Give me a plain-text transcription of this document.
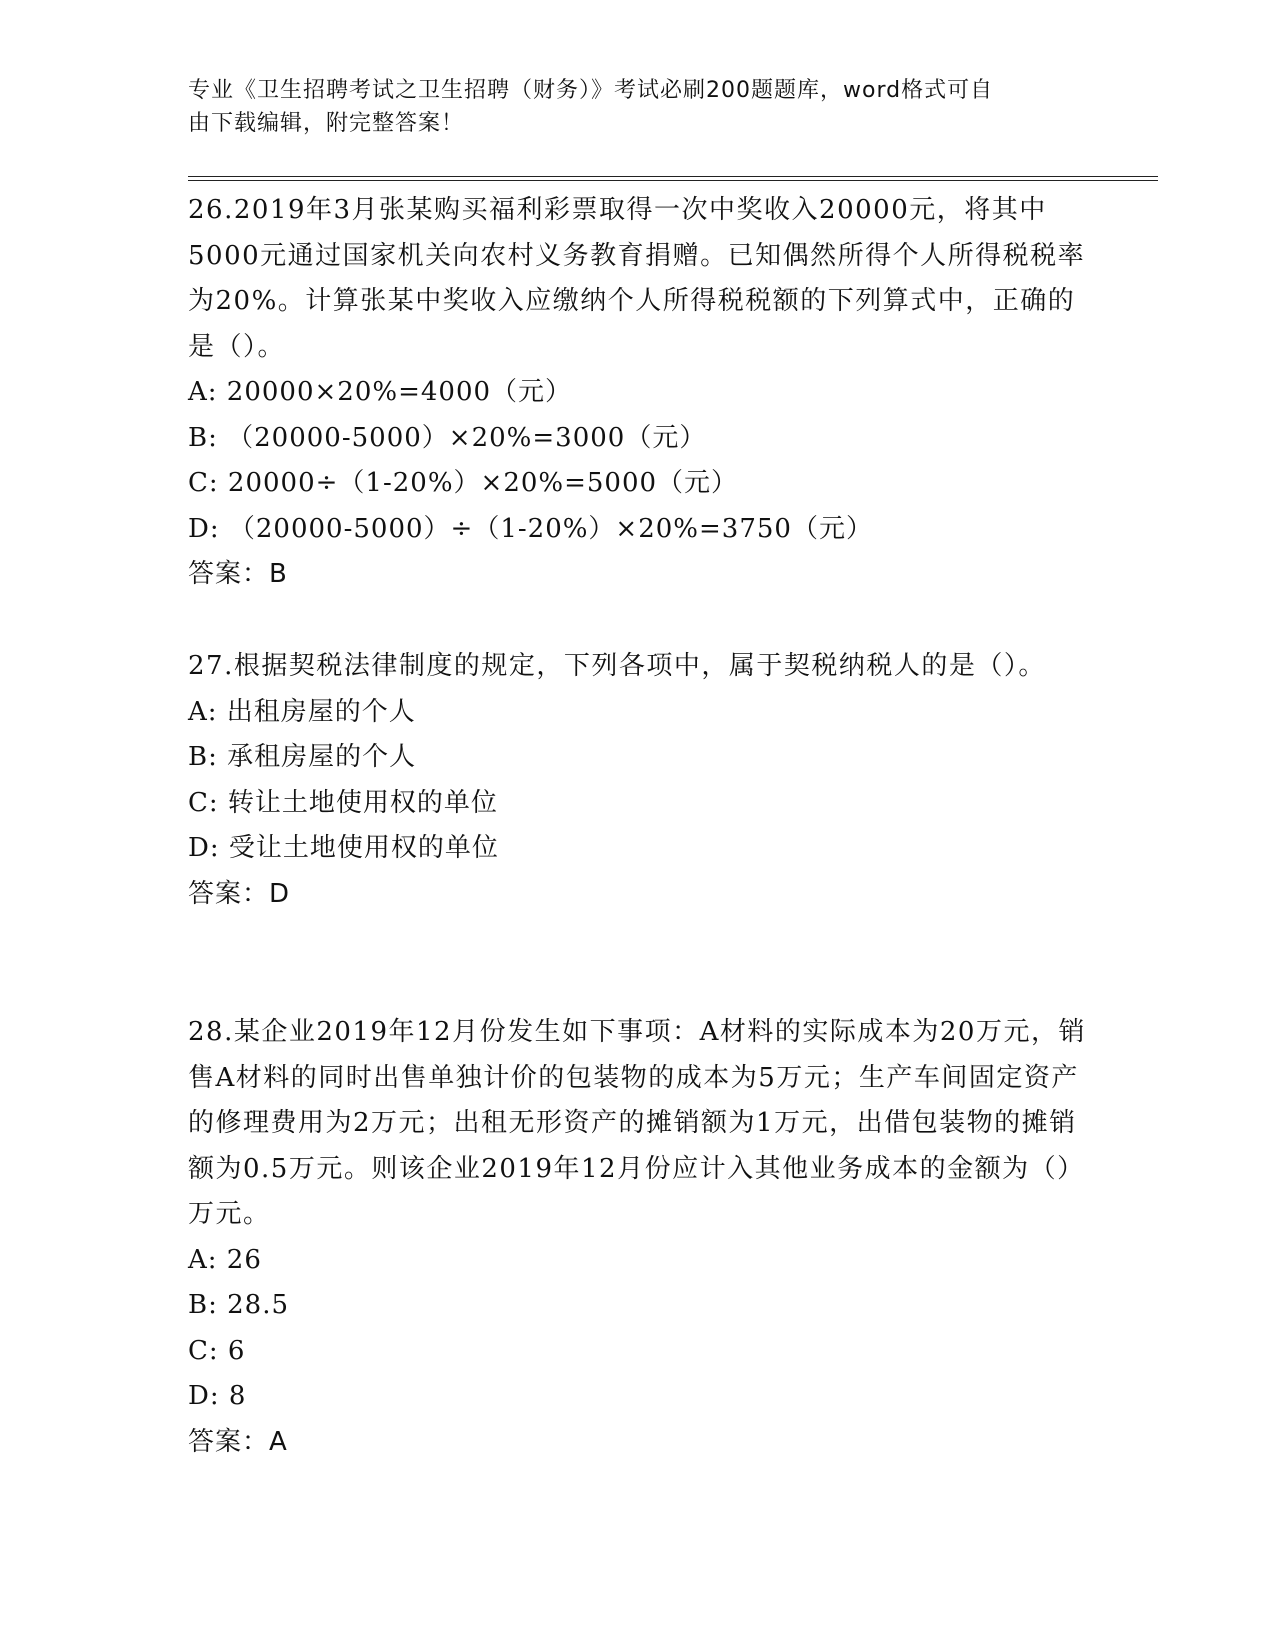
专业《卫生招聘考试之卫生招聘（财务）》考试必刷200题题库，word格式可自
由下载编辑，附完整答案！

26.2019年3月张某购买福利彩票取得一次中奖收入20000元，将其中5000元通过国家机关向农村义务教育捐赠。已知偶然所得个人所得税税率为20%。计算张某中奖收入应缴纳个人所得税税额的下列算式中，正确的是（）。

A: 20000×20%=4000（元）

B: （20000-5000）×20%=3000（元）

C: 20000÷（1-20%）×20%=5000（元）

D: （20000-5000）÷（1-20%）×20%=3750（元）

答案：B

27.根据契税法律制度的规定，下列各项中，属于契税纳税人的是（）。

A: 出租房屋的个人

B: 承租房屋的个人

C: 转让土地使用权的单位

D: 受让土地使用权的单位

答案：D

28.某企业2019年12月份发生如下事项：A材料的实际成本为20万元，销售A材料的同时出售单独计价的包装物的成本为5万元；生产车间固定资产的修理费用为2万元；出租无形资产的摊销额为1万元，出借包装物的摊销额为0.5万元。则该企业2019年12月份应计入其他业务成本的金额为（）万元。

A: 26

B: 28.5

C: 6

D: 8

答案：A
